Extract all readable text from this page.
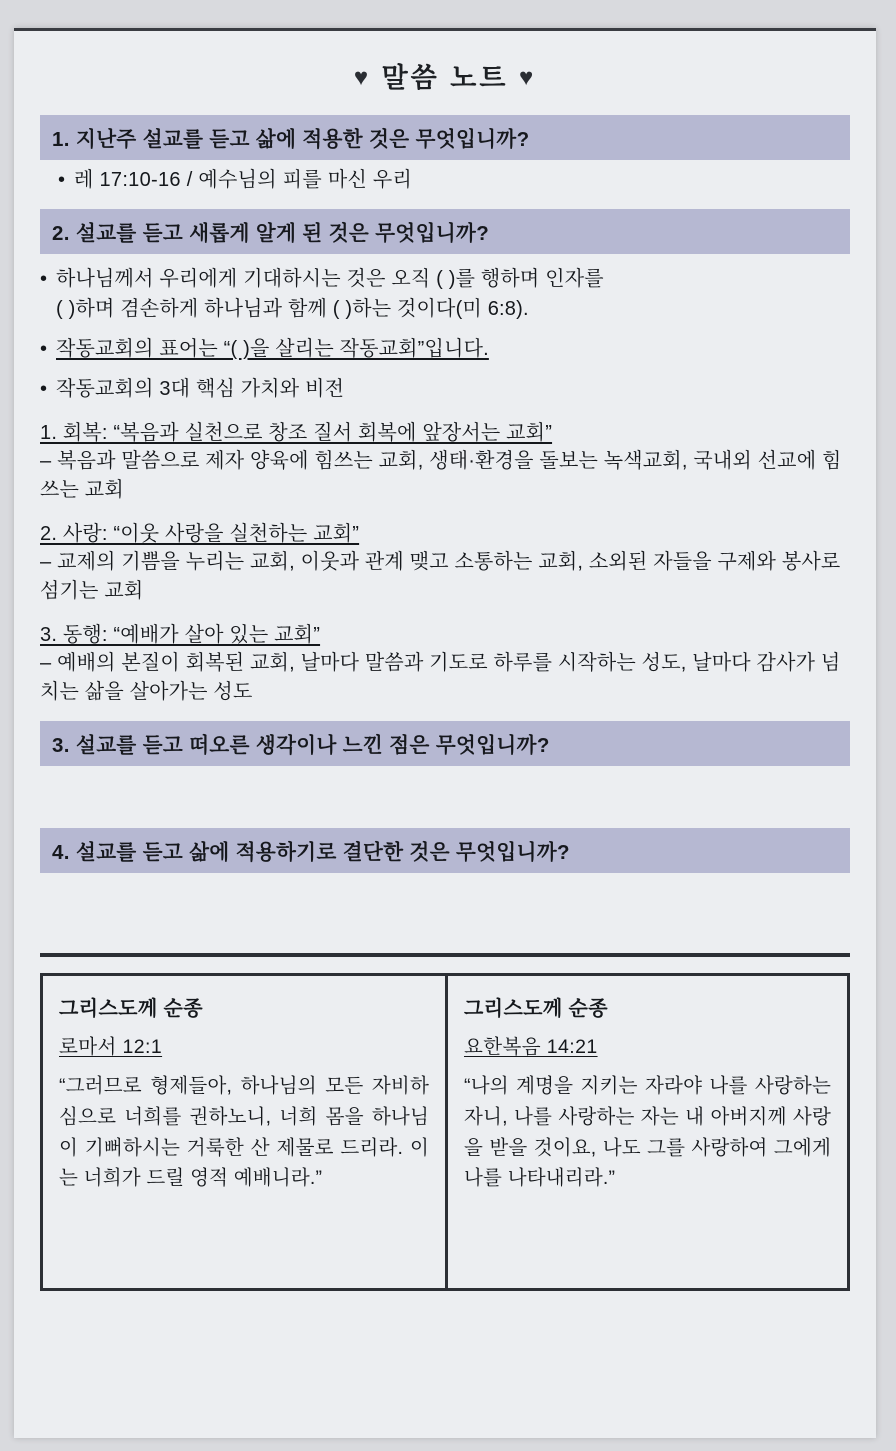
♥ 말씀 노트 ♥
1. 지난주 설교를 듣고 삶에 적용한 것은 무엇입니까?
• 레 17:10-16 / 예수님의 피를 마신 우리
2. 설교를 듣고 새롭게 알게 된 것은 무엇입니까?
• 하나님께서 우리에게 기대하시는 것은 오직 ( )를 행하며 인자를
( )하며 겸손하게 하나님과 함께 ( )하는 것이다(미 6:8).
• 작동교회의 표어는 “( )을 살리는 작동교회”입니다.
• 작동교회의 3대 핵심 가치와 비전
1. 회복: “복음과 실천으로 창조 질서 회복에 앞장서는 교회”
– 복음과 말씀으로 제자 양육에 힘쓰는 교회, 생태·환경을 돌보는 녹색교회, 국내외 선교에 힘쓰는 교회
2. 사랑: “이웃 사랑을 실천하는 교회”
– 교제의 기쁨을 누리는 교회, 이웃과 관계 맺고 소통하는 교회, 소외된 자들을 구제와 봉사로 섬기는 교회
3. 동행: “예배가 살아 있는 교회”
– 예배의 본질이 회복된 교회, 날마다 말씀과 기도로 하루를 시작하는 성도, 날마다 감사가 넘치는 삶을 살아가는 성도
3. 설교를 듣고 떠오른 생각이나 느낀 점은 무엇입니까?
4. 설교를 듣고 삶에 적용하기로 결단한 것은 무엇입니까?
그리스도께 순종
로마서 12:1
“그러므로 형제들아, 하나님의 모든 자비하심으로 너희를 권하노니, 너희 몸을 하나님이 기뻐하시는 거룩한 산 제물로 드리라. 이는 너희가 드릴 영적 예배니라.”
그리스도께 순종
요한복음 14:21
“나의 계명을 지키는 자라야 나를 사랑하는 자니, 나를 사랑하는 자는 내 아버지께 사랑을 받을 것이요, 나도 그를 사랑하여 그에게 나를 나타내리라.”
